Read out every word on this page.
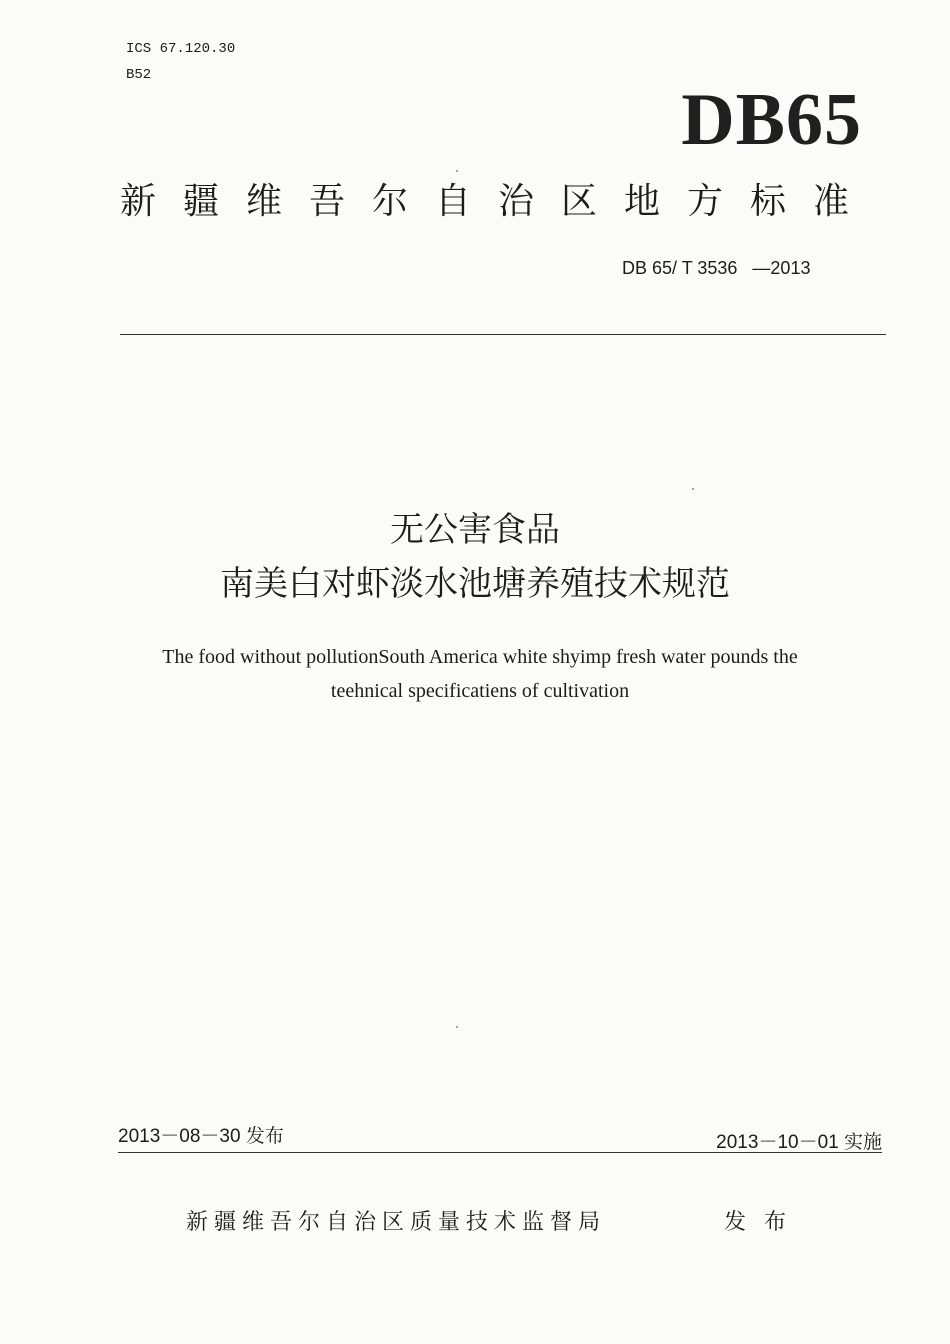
ICS 67.120.30
B52
DB65
新疆维吾尔自治区地方标准
DB 65/ T 3536   —2013
无公害食品
南美白对虾淡水池塘养殖技术规范
The food without pollutionSouth America white shyimp fresh water pounds the
teehnical specificatiens of cultivation
2013－08－30 发布	2013－10－01 实施
新疆维吾尔自治区质量技术监督局	发布
